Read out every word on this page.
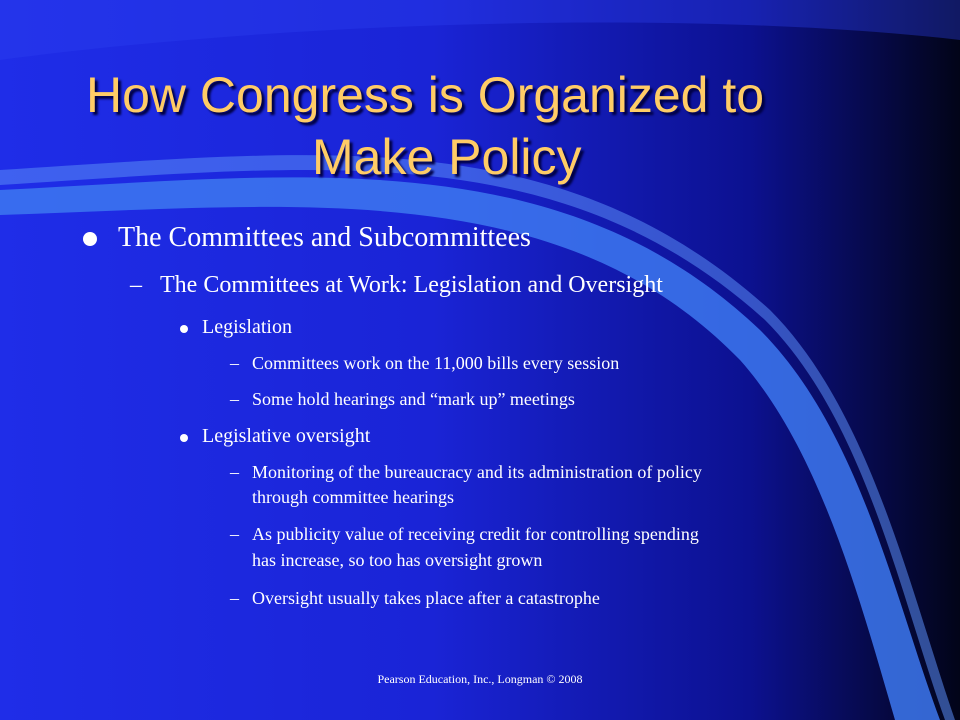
How Congress is Organized to
Make Policy
The Committees and Subcommittees
– The Committees at Work: Legislation and Oversight
Legislation
– Committees work on the 11,000 bills every session
– Some hold hearings and “mark up” meetings
Legislative oversight
– Monitoring of the bureaucracy and its administration of policy
through committee hearings
– As publicity value of receiving credit for controlling spending
has increase, so too has oversight grown
– Oversight usually takes place after a catastrophe
Pearson Education, Inc., Longman © 2008
